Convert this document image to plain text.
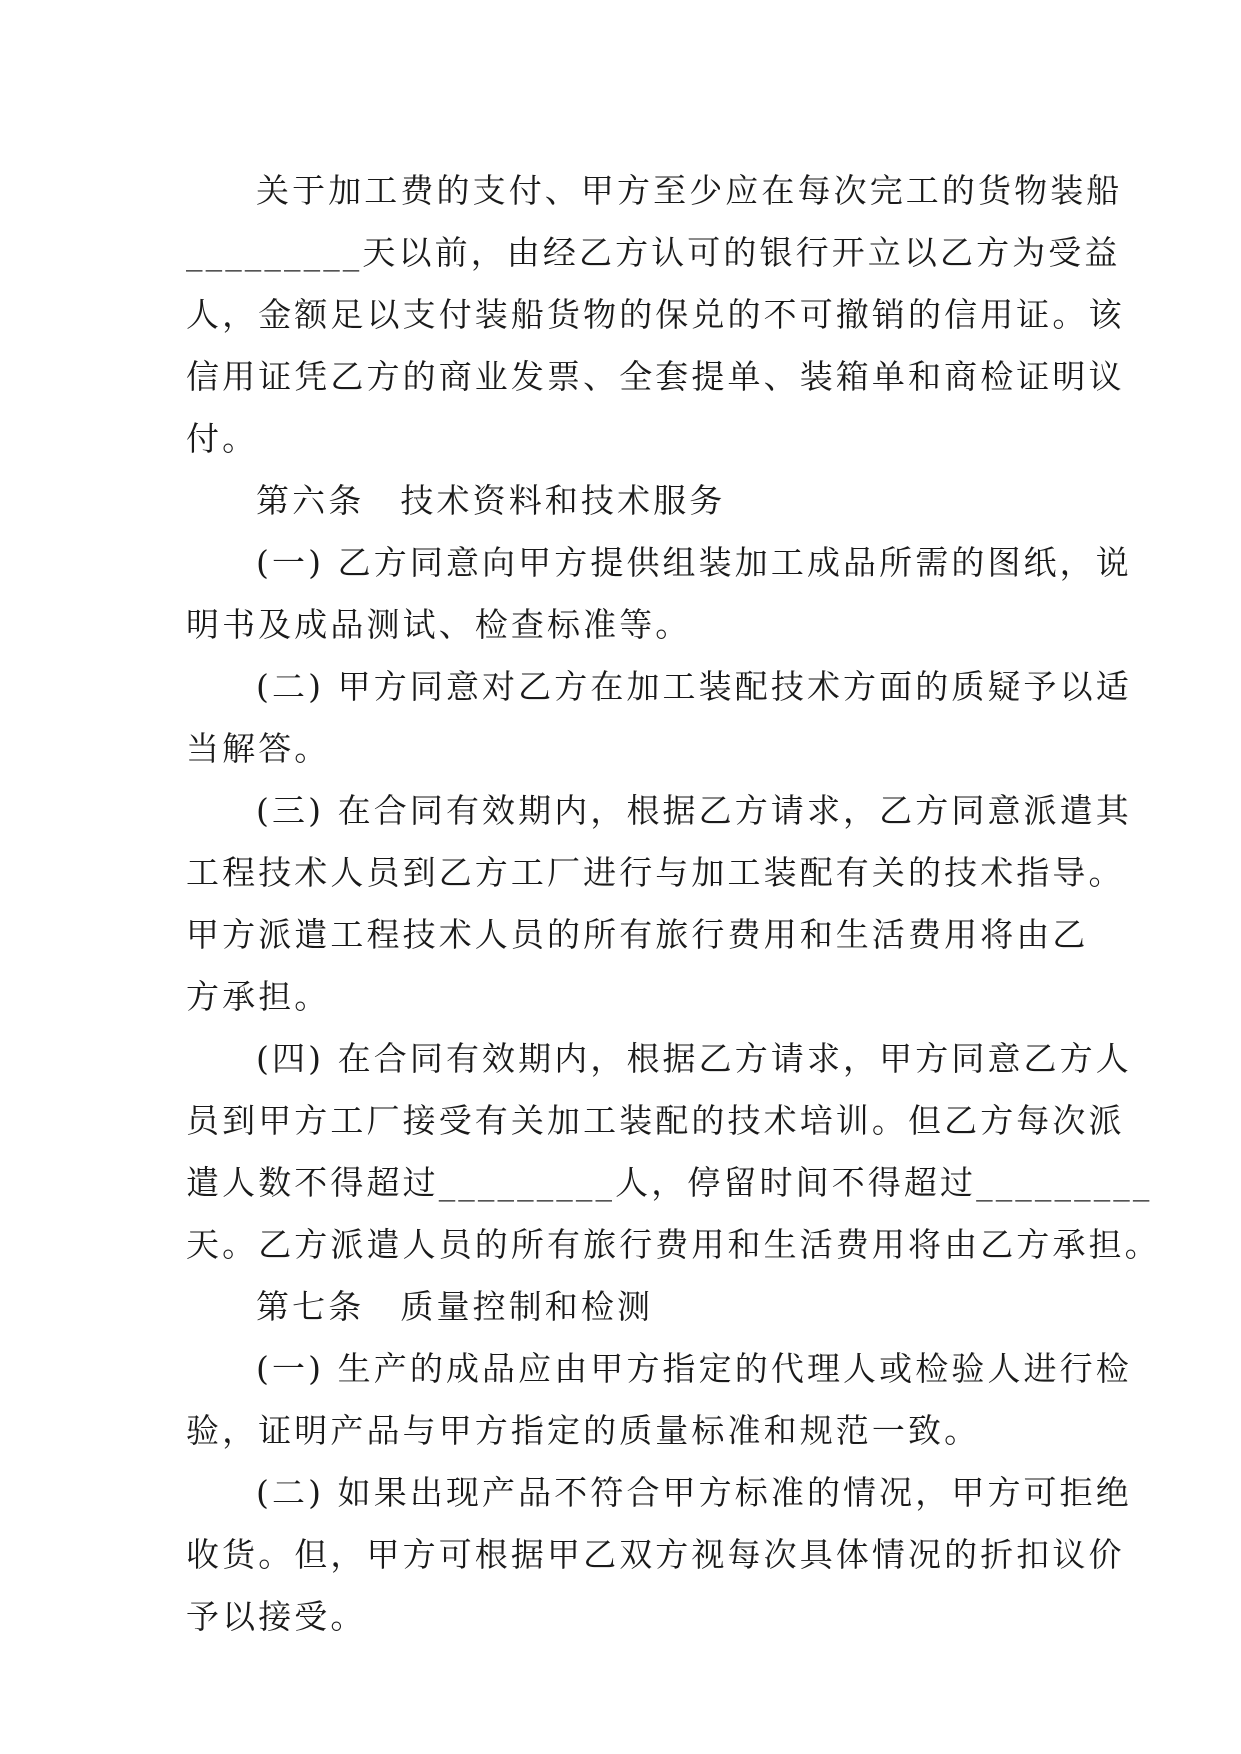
关于加工费的支付、甲方至少应在每次完工的货物装船
_________天以前，由经乙方认可的银行开立以乙方为受益
人，金额足以支付装船货物的保兑的不可撤销的信用证。该
信用证凭乙方的商业发票、全套提单、装箱单和商检证明议
付。
第六条　技术资料和技术服务
(一) 乙方同意向甲方提供组装加工成品所需的图纸，说
明书及成品测试、检查标准等。
(二) 甲方同意对乙方在加工装配技术方面的质疑予以适
当解答。
(三) 在合同有效期内，根据乙方请求，乙方同意派遣其
工程技术人员到乙方工厂进行与加工装配有关的技术指导。
甲方派遣工程技术人员的所有旅行费用和生活费用将由乙
方承担。
(四) 在合同有效期内，根据乙方请求，甲方同意乙方人
员到甲方工厂接受有关加工装配的技术培训。但乙方每次派
遣人数不得超过_________人，停留时间不得超过_________
天。乙方派遣人员的所有旅行费用和生活费用将由乙方承担。
第七条　质量控制和检测
(一) 生产的成品应由甲方指定的代理人或检验人进行检
验，证明产品与甲方指定的质量标准和规范一致。
(二) 如果出现产品不符合甲方标准的情况，甲方可拒绝
收货。但，甲方可根据甲乙双方视每次具体情况的折扣议价
予以接受。
